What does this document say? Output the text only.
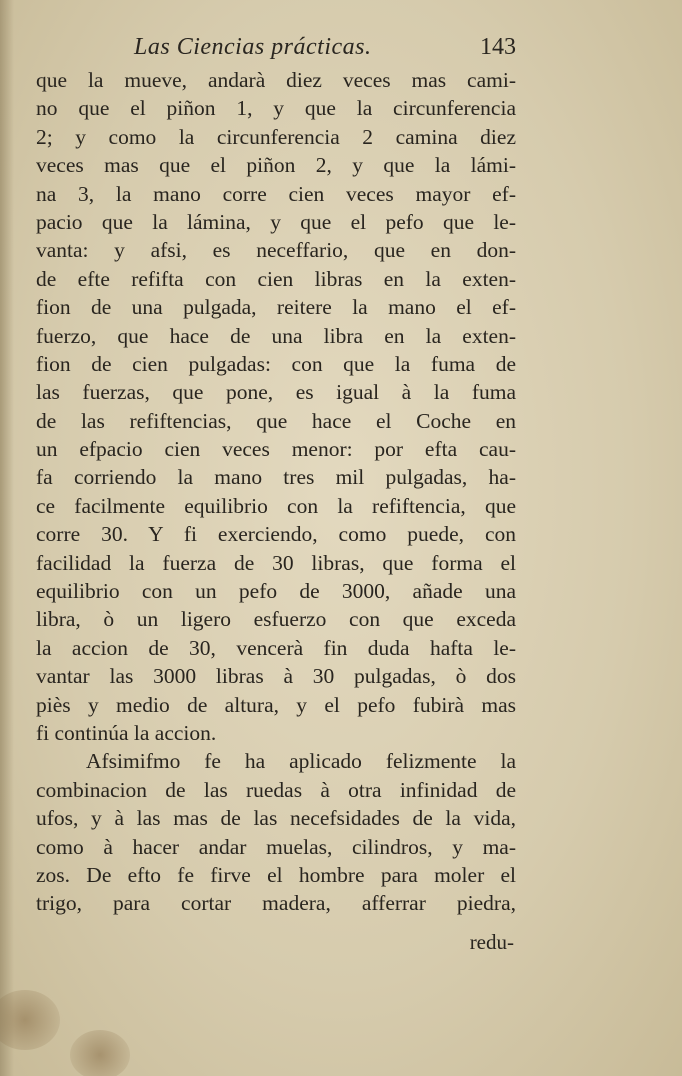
Las Ciencias prácticas.	143
que la mueve, andarà diez veces mas cami-
no que el piñon 1, y que la circunferencia
2; y como la circunferencia 2 camina diez
veces mas que el piñon 2, y que la lámi-
na 3, la mano corre cien veces mayor ef-
pacio que la lámina, y que el pefo que le-
vanta: y afsi, es neceffario, que en don-
de efte refifta con cien libras en la exten-
fion de una pulgada, reitere la mano el ef-
fuerzo, que hace de una libra en la exten-
fion de cien pulgadas: con que la fuma de
las fuerzas, que pone, es igual à la fuma
de las refiftencias, que hace el Coche en
un efpacio cien veces menor: por efta cau-
fa corriendo la mano tres mil pulgadas, ha-
ce facilmente equilibrio con la refiftencia, que
corre 30. Y fi exerciendo, como puede, con
facilidad la fuerza de 30 libras, que forma el
equilibrio con un pefo de 3000, añade una
libra, ò un ligero esfuerzo con que exceda
la accion de 30, vencerà fin duda hafta le-
vantar las 3000 libras à 30 pulgadas, ò dos
piès y medio de altura, y el pefo fubirà mas
fi continúa la accion.
Afsimifmo fe ha aplicado felizmente la
combinacion de las ruedas à otra infinidad de
ufos, y à las mas de las necefsidades de la vida,
como à hacer andar muelas, cilindros, y ma-
zos. De efto fe firve el hombre para moler el
trigo, para cortar madera, afferrar piedra,
redu-
